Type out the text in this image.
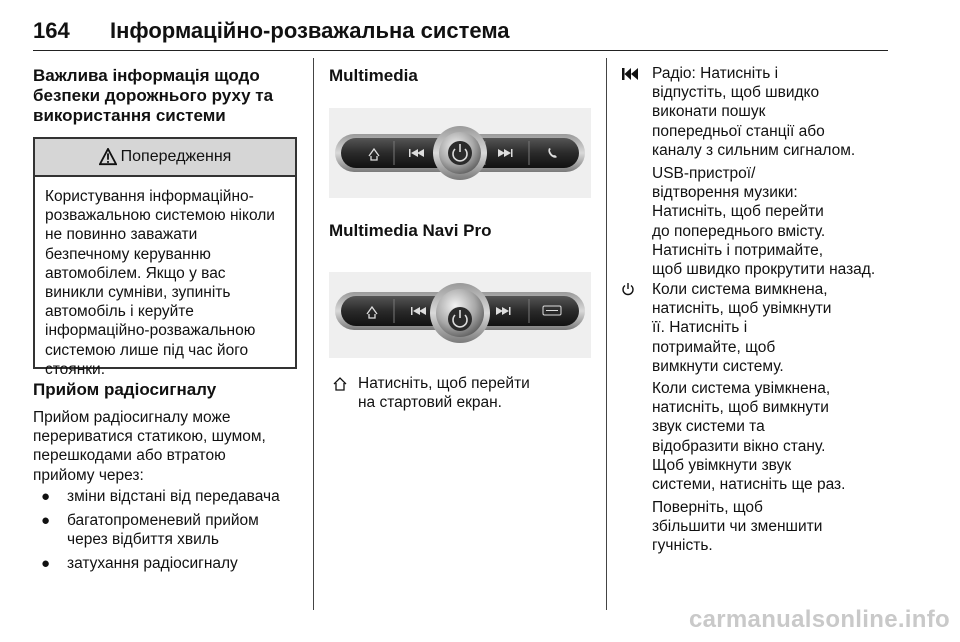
164 Інформаційно-розважальна система
Важлива інформація щодо
безпеки дорожнього руху та
використання системи
Попередження
Користування інформаційно-
розважальною системою ніколи
не повинно заважати
безпечному керуванню
автомобілем. Якщо у вас
виникли сумніви, зупиніть
автомобіль і керуйте
інформаційно-розважальною
системою лише під час його
стоянки.
Прийом радіосигналу
Прийом радіосигналу може
перериватися статикою, шумом,
перешкодами або втратою
прийому через:
● зміни відстані від передавача
● багатопроменевий прийом
через відбиття хвиль
● затухання радіосигналу
Multimedia
Multimedia Navi Pro
Натисніть, щоб перейти
на стартовий екран.
Радіо: Натисніть і
відпустіть, щоб швидко
виконати пошук
попередньої станції або
каналу з сильним сигналом.
USB-пристрої/
відтворення музики:
Натисніть, щоб перейти
до попереднього вмісту.
Натисніть і потримайте,
щоб швидко прокрутити назад.
Коли система вимкнена,
натисніть, щоб увімкнути
її. Натисніть і
потримайте, щоб
вимкнути систему.
Коли система увімкнена,
натисніть, щоб вимкнути
звук системи та
відобразити вікно стану.
Щоб увімкнути звук
системи, натисніть ще раз.
Поверніть, щоб
збільшити чи зменшити
гучність.
carmanualsonline.info
